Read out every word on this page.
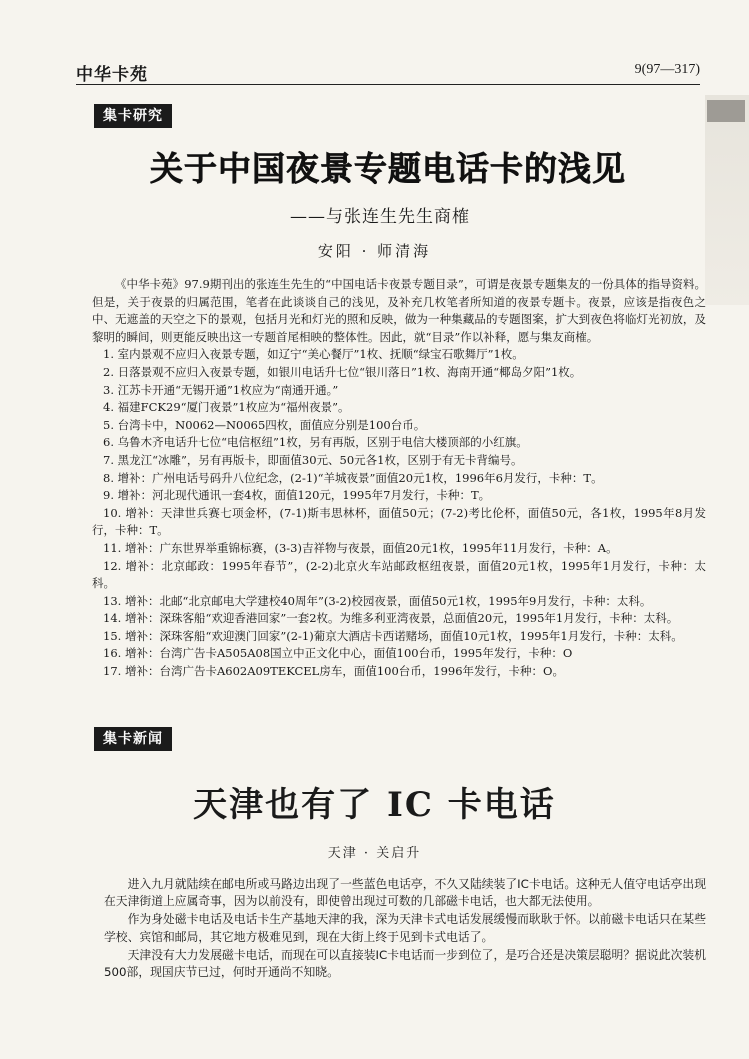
中华卡苑	9(97—317)
集卡研究
关于中国夜景专题电话卡的浅见
——与张连生先生商榷
安阳 · 师清海

《中华卡苑》97.9期刊出的张连生先生的“中国电话卡夜景专题目录”，可谓是夜景专题集友的一份具体的指导资料。但是，关于夜景的归属范围，笔者在此谈谈自己的浅见，及补充几枚笔者所知道的夜景专题卡。夜景，应该是指夜色之中、无遮盖的天空之下的景观，包括月光和灯光的照和反映，做为一种集藏品的专题图案，扩大到夜色将临灯光初放，及黎明的瞬间，则更能反映出这一专题首尾相映的整体性。因此，就“目录”作以补释，愿与集友商榷。

1. 室内景观不应归入夜景专题，如辽宁“美心餐厅”1枚、抚顺“绿宝石歌舞厅”1枚。
2. 日落景观不应归入夜景专题，如银川电话升七位“银川落日”1枚、海南开通“椰岛夕阳”1枚。
3. 江苏卡开通“无锡开通”1枚应为“南通开通。”
4. 福建FCK29“厦门夜景”1枚应为“福州夜景”。
5. 台湾卡中，N0062—N0065四枚，面值应分别是100台币。
6. 乌鲁木齐电话升七位“电信枢纽”1枚，另有再版，区别于电信大楼顶部的小红旗。
7. 黑龙江“冰雕”，另有再版卡，即面值30元、50元各1枚，区别于有无卡背编号。
8. 增补：广州电话号码升八位纪念，(2-1)“羊城夜景”面值20元1枚，1996年6月发行，卡种：T。
9. 增补：河北现代通讯一套4枚，面值120元，1995年7月发行，卡种：T。
10. 增补：天津世兵赛七项金杯，(7-1)斯韦思林杯，面值50元；(7-2)考比伦杯，面值50元，各1枚，1995年8月发行，卡种：T。
11. 增补：广东世界举重锦标赛，(3-3)吉祥物与夜景，面值20元1枚，1995年11月发行，卡种：A。
12. 增补：北京邮政：1995年春节”，(2-2)北京火车站邮政枢纽夜景，面值20元1枚，1995年1月发行，卡种：太科。
13. 增补：北邮“北京邮电大学建校40周年”(3-2)校园夜景，面值50元1枚，1995年9月发行，卡种：太科。
14. 增补：深珠客船“欢迎香港回家”一套2枚。为维多利亚湾夜景，总面值20元，1995年1月发行，卡种：太科。
15. 增补：深珠客船“欢迎澳门回家”(2-1)葡京大酒店卡西诺赌场，面值10元1枚，1995年1月发行，卡种：太科。
16. 增补：台湾广告卡A505A08国立中正文化中心，面值100台币，1995年发行，卡种：O
17. 增补：台湾广告卡A602A09TEKCEL房车，面值100台币，1996年发行，卡种：O。
集卡新闻
天津也有了 IC 卡电话
天津 · 关启升

进入九月就陆续在邮电所或马路边出现了一些蓝色电话亭，不久又陆续装了IC卡电话。这种无人值守电话亭出现在天津街道上应属奇事，因为以前没有，即使曾出现过可数的几部磁卡电话，也大都无法使用。

作为身处磁卡电话及电话卡生产基地天津的我，深为天津卡式电话发展缓慢而耿耿于怀。以前磁卡电话只在某些学校、宾馆和邮局，其它地方极难见到，现在大街上终于见到卡式电话了。

天津没有大力发展磁卡电话，而现在可以直接装IC卡电话而一步到位了，是巧合还是决策层聪明？据说此次装机500部，现国庆节已过，何时开通尚不知晓。
